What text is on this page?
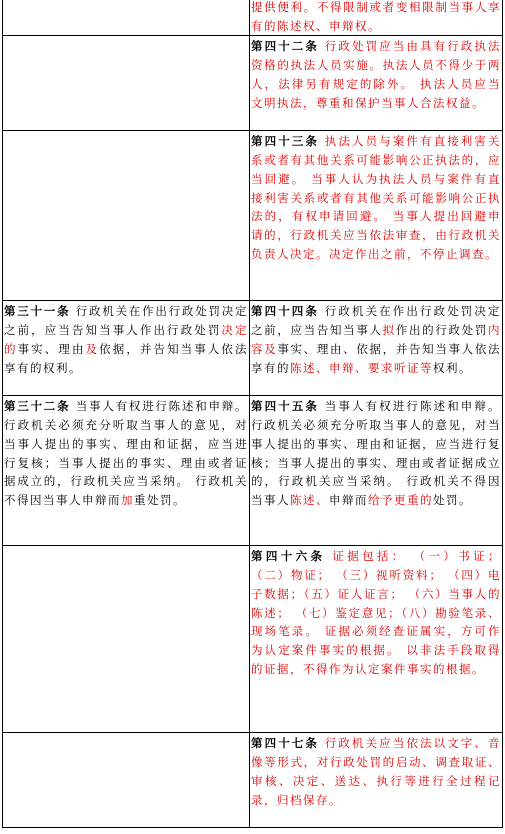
	提供便利。不得限制或者变相限制当事人享有的陈述权、申辩权。
	第四十二条 行政处罚应当由具有行政执法资格的执法人员实施。执法人员不得少于两人，法律另有规定的除外。 执法人员应当文明执法，尊重和保护当事人合法权益。
	第四十三条 执法人员与案件有直接利害关系或者有其他关系可能影响公正执法的，应当回避。 当事人认为执法人员与案件有直接利害关系或者有其他关系可能影响公正执法的，有权申请回避。 当事人提出回避申请的，行政机关应当依法审查，由行政机关负责人决定。决定作出之前，不停止调查。
第三十一条 行政机关在作出行政处罚决定之前，应当告知当事人作出行政处罚决定的事实、理由及依据，并告知当事人依法享有的权利。	第四十四条 行政机关在作出行政处罚决定之前，应当告知当事人拟作出的行政处罚内容及事实、理由、依据，并告知当事人依法享有的陈述、申辩、要求听证等权利。
第三十二条 当事人有权进行陈述和申辩。行政机关必须充分听取当事人的意见，对当事人提出的事实、理由和证据，应当进行复核；当事人提出的事实、理由或者证据成立的，行政机关应当采纳。 行政机关不得因当事人申辩而加重处罚。	第四十五条 当事人有权进行陈述和申辩。行政机关必须充分听取当事人的意见，对当事人提出的事实、理由和证据，应当进行复核；当事人提出的事实、理由或者证据成立的，行政机关应当采纳。 行政机关不得因当事人陈述、申辩而给予更重的处罚。
	第四十六条 证据包括： （一）书证； （二）物证； （三）视听资料； （四）电子数据；（五）证人证言； （六）当事人的陈述； （七）鉴定意见；（八）勘验笔录、现场笔录。 证据必须经查证属实，方可作为认定案件事实的根据。 以非法手段取得的证据，不得作为认定案件事实的根据。
	第四十七条 行政机关应当依法以文字、音像等形式，对行政处罚的启动、调查取证、审核、决定、送达、执行等进行全过程记录，归档保存。
